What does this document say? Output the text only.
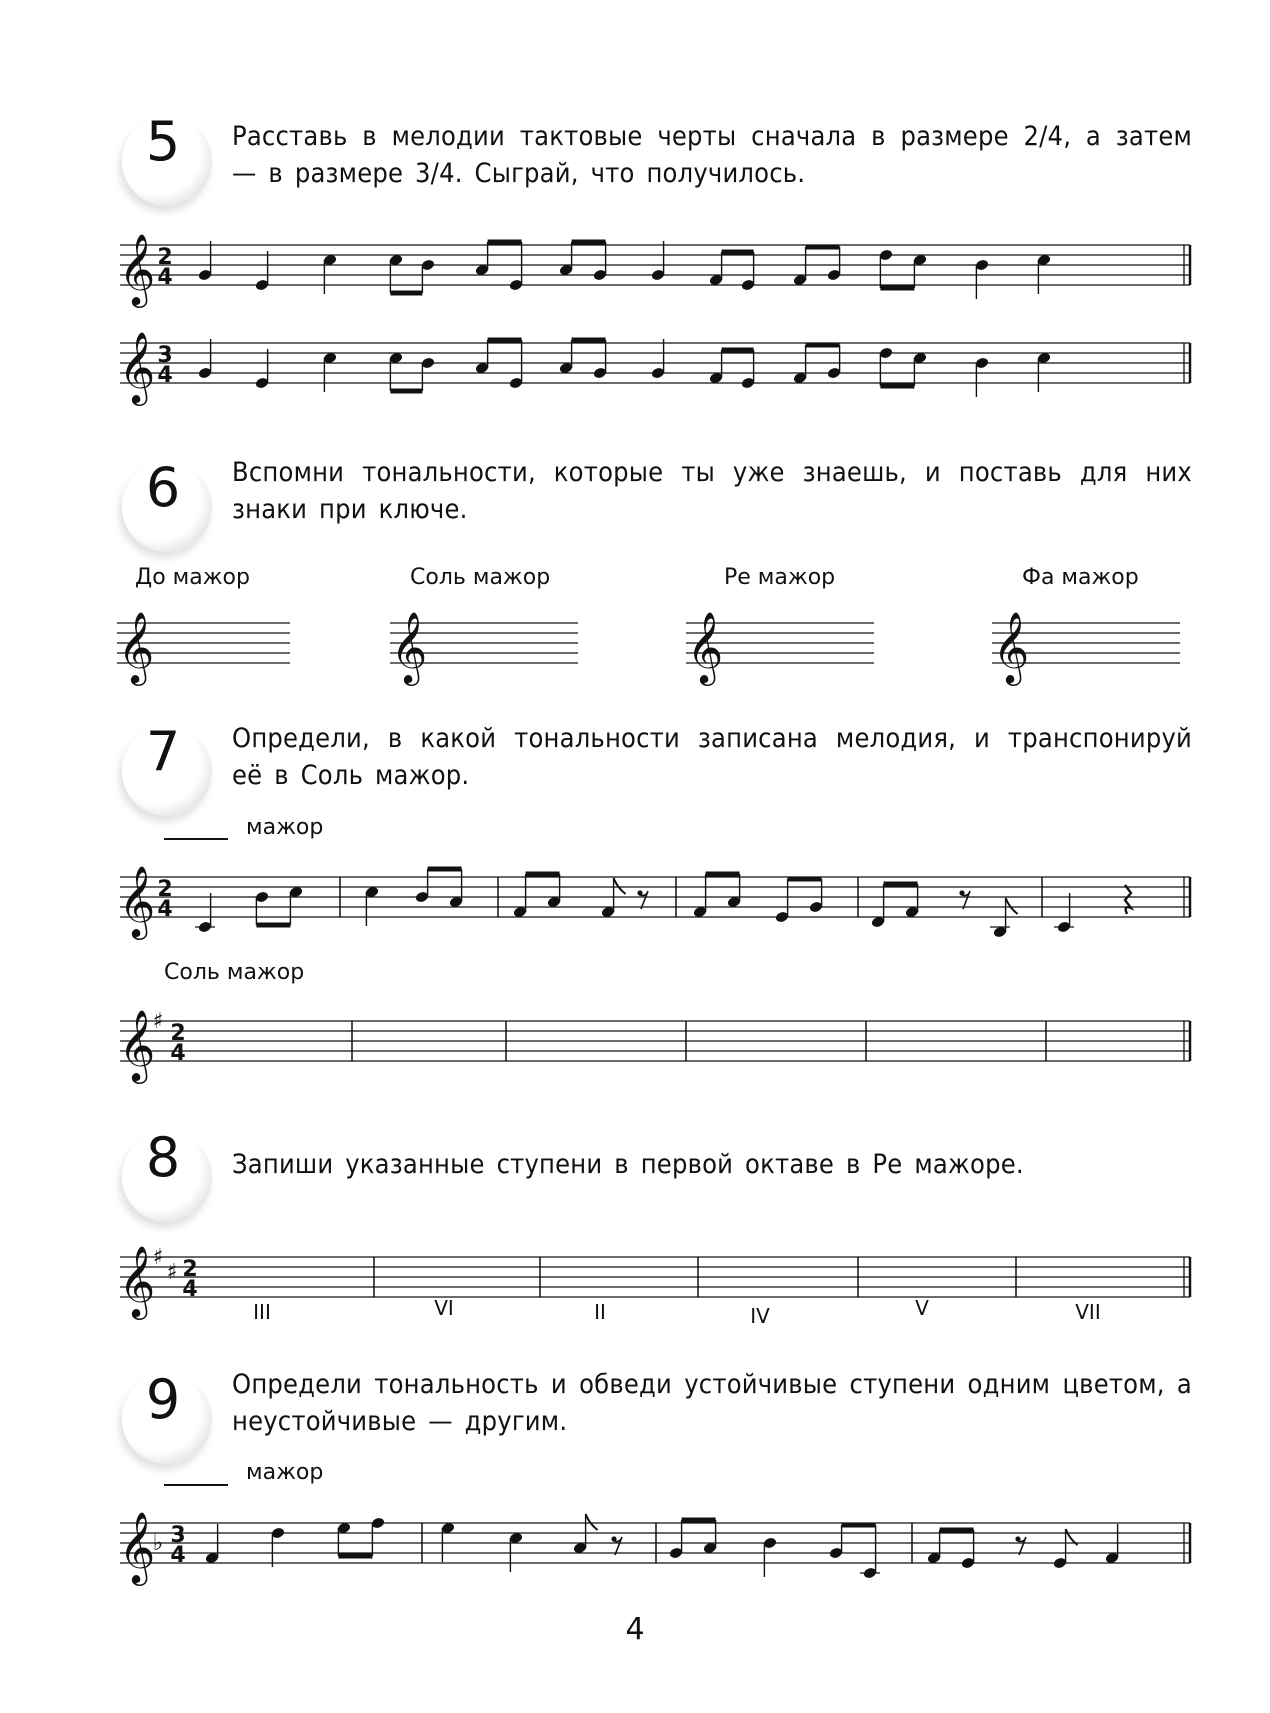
5	Расставь в мелодии тактовые черты сначала в размере 2/4, а затем — в размере 3/4. Сыграй, что получилось.
𝄞 2
4
𝄞 3
4
6	Вспомни тональности, которые ты уже знаешь, и поставь для них знаки при ключе.
До мажор	Соль мажор	Ре мажор	Фа мажор
𝄞	𝄞	𝄞	𝄞
7	Определи, в какой тональности записана мелодия, и транспонируй её в Соль мажор.
мажор
𝄞 2
4
Соль мажор
𝄞
♯ 2
4
8	Запиши указанные ступени в первой октаве в Ре мажоре.
𝄞
♯
♯ 2
4
III	VI	II	IV	V	VII
9	Определи тональность и обведи устойчивые ступени одним цветом, а неустойчивые — другим.
мажор
𝄞
♭ 3
4
4
